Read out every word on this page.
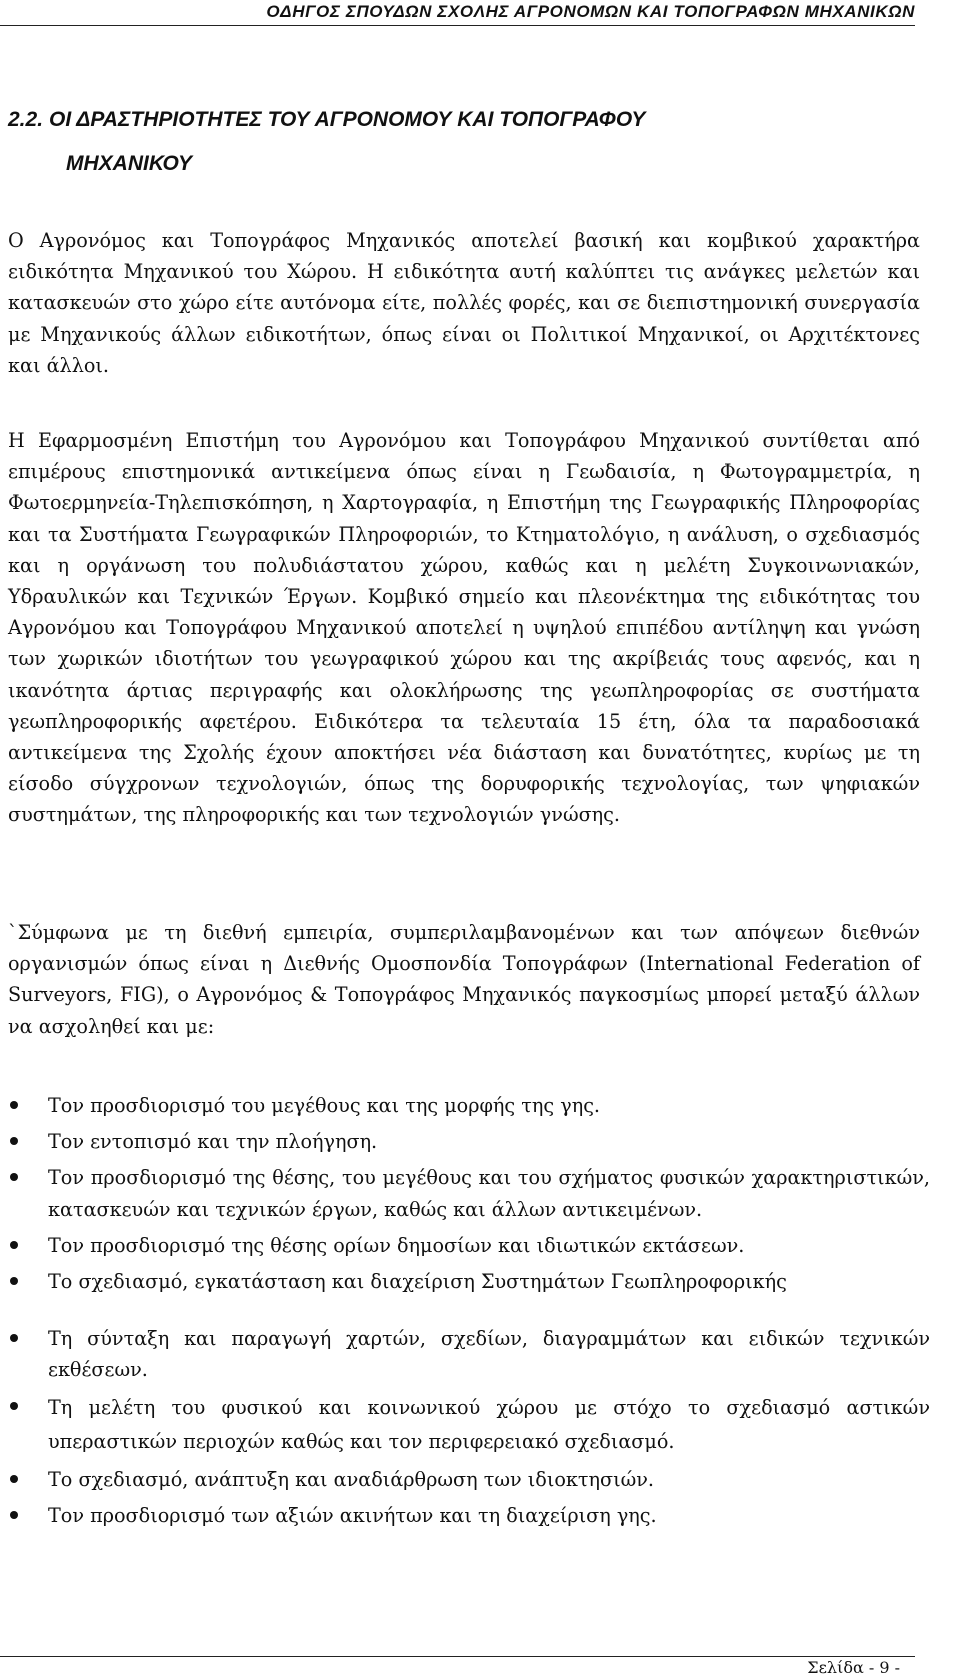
ΟΔΗΓΟΣ ΣΠΟΥΔΩΝ ΣΧΟΛΗΣ ΑΓΡΟΝΟΜΩΝ ΚΑΙ ΤΟΠΟΓΡΑΦΩΝ ΜΗΧΑΝΙΚΩΝ
2.2. ΟΙ ΔΡΑΣΤΗΡΙΟΤΗΤΕΣ ΤΟΥ ΑΓΡΟΝΟΜΟΥ ΚΑΙ ΤΟΠΟΓΡΑΦΟΥ
ΜΗΧΑΝΙΚΟΥ

Ο Αγρονόμος και Τοπογράφος Μηχανικός αποτελεί βασική και κομβικού χαρακτήρα ειδικότητα Μηχανικού του Χώρου. Η ειδικότητα αυτή καλύπτει τις ανάγκες μελετών και κατασκευών στο χώρο είτε αυτόνομα είτε, πολλές φορές, και σε διεπιστημονική συνεργασία με Μηχανικούς άλλων ειδικοτήτων, όπως είναι οι Πολιτικοί Μηχανικοί, οι Αρχιτέκτονες και άλλοι.

Η Εφαρμοσμένη Επιστήμη του Αγρονόμου και Τοπογράφου Μηχανικού συντίθεται από επιμέρους επιστημονικά αντικείμενα όπως είναι η Γεωδαισία, η Φωτογραμμετρία, η Φωτοερμηνεία-Τηλεπισκόπηση, η Χαρτογραφία, η Επιστήμη της Γεωγραφικής Πληροφορίας και τα Συστήματα Γεωγραφικών Πληροφοριών, το Κτηματολόγιο, η ανάλυση, ο σχεδιασμός και η οργάνωση του πολυδιάστατου χώρου, καθώς και η μελέτη Συγκοινωνιακών, Υδραυλικών και Τεχνικών Έργων. Κομβικό σημείο και πλεονέκτημα της ειδικότητας του Αγρονόμου και Τοπογράφου Μηχανικού αποτελεί η υψηλού επιπέδου αντίληψη και γνώση των χωρικών ιδιοτήτων του γεωγραφικού χώρου και της ακρίβειάς τους αφενός, και η ικανότητα άρτιας περιγραφής και ολοκλήρωσης της γεωπληροφορίας σε συστήματα γεωπληροφορικής αφετέρου. Ειδικότερα τα τελευταία 15 έτη, όλα τα παραδοσιακά αντικείμενα της Σχολής έχουν αποκτήσει νέα διάσταση και δυνατότητες, κυρίως με τη είσοδο σύγχρονων τεχνολογιών, όπως της δορυφορικής τεχνολογίας, των ψηφιακών συστημάτων, της πληροφορικής και των τεχνολογιών γνώσης.

`Σύμφωνα με τη διεθνή εμπειρία, συμπεριλαμβανομένων και των απόψεων διεθνών οργανισμών όπως είναι η Διεθνής Ομοσπονδία Τοπογράφων (International Federation of Surveyors, FIG), ο Αγρονόμος & Τοπογράφος Μηχανικός παγκοσμίως μπορεί μεταξύ άλλων να ασχοληθεί και με:

Τον προσδιορισμό του μεγέθους και της μορφής της γης.
Τον εντοπισμό και την πλοήγηση.
Τον προσδιορισμό της θέσης, του μεγέθους και του σχήματος φυσικών χαρακτηριστικών, κατασκευών και τεχνικών έργων, καθώς και άλλων αντικειμένων.
Τον προσδιορισμό της θέσης ορίων δημοσίων και ιδιωτικών εκτάσεων.
Το σχεδιασμό, εγκατάσταση και διαχείριση Συστημάτων Γεωπληροφορικής
Τη σύνταξη και παραγωγή χαρτών, σχεδίων, διαγραμμάτων και ειδικών τεχνικών εκθέσεων.
Τη μελέτη του φυσικού και κοινωνικού χώρου με στόχο το σχεδιασμό αστικών υπεραστικών περιοχών καθώς και τον περιφερειακό σχεδιασμό.
Το σχεδιασμό, ανάπτυξη και αναδιάρθρωση των ιδιοκτησιών.
Τον προσδιορισμό των αξιών ακινήτων και τη διαχείριση γης.
Σελίδα - 9 -
